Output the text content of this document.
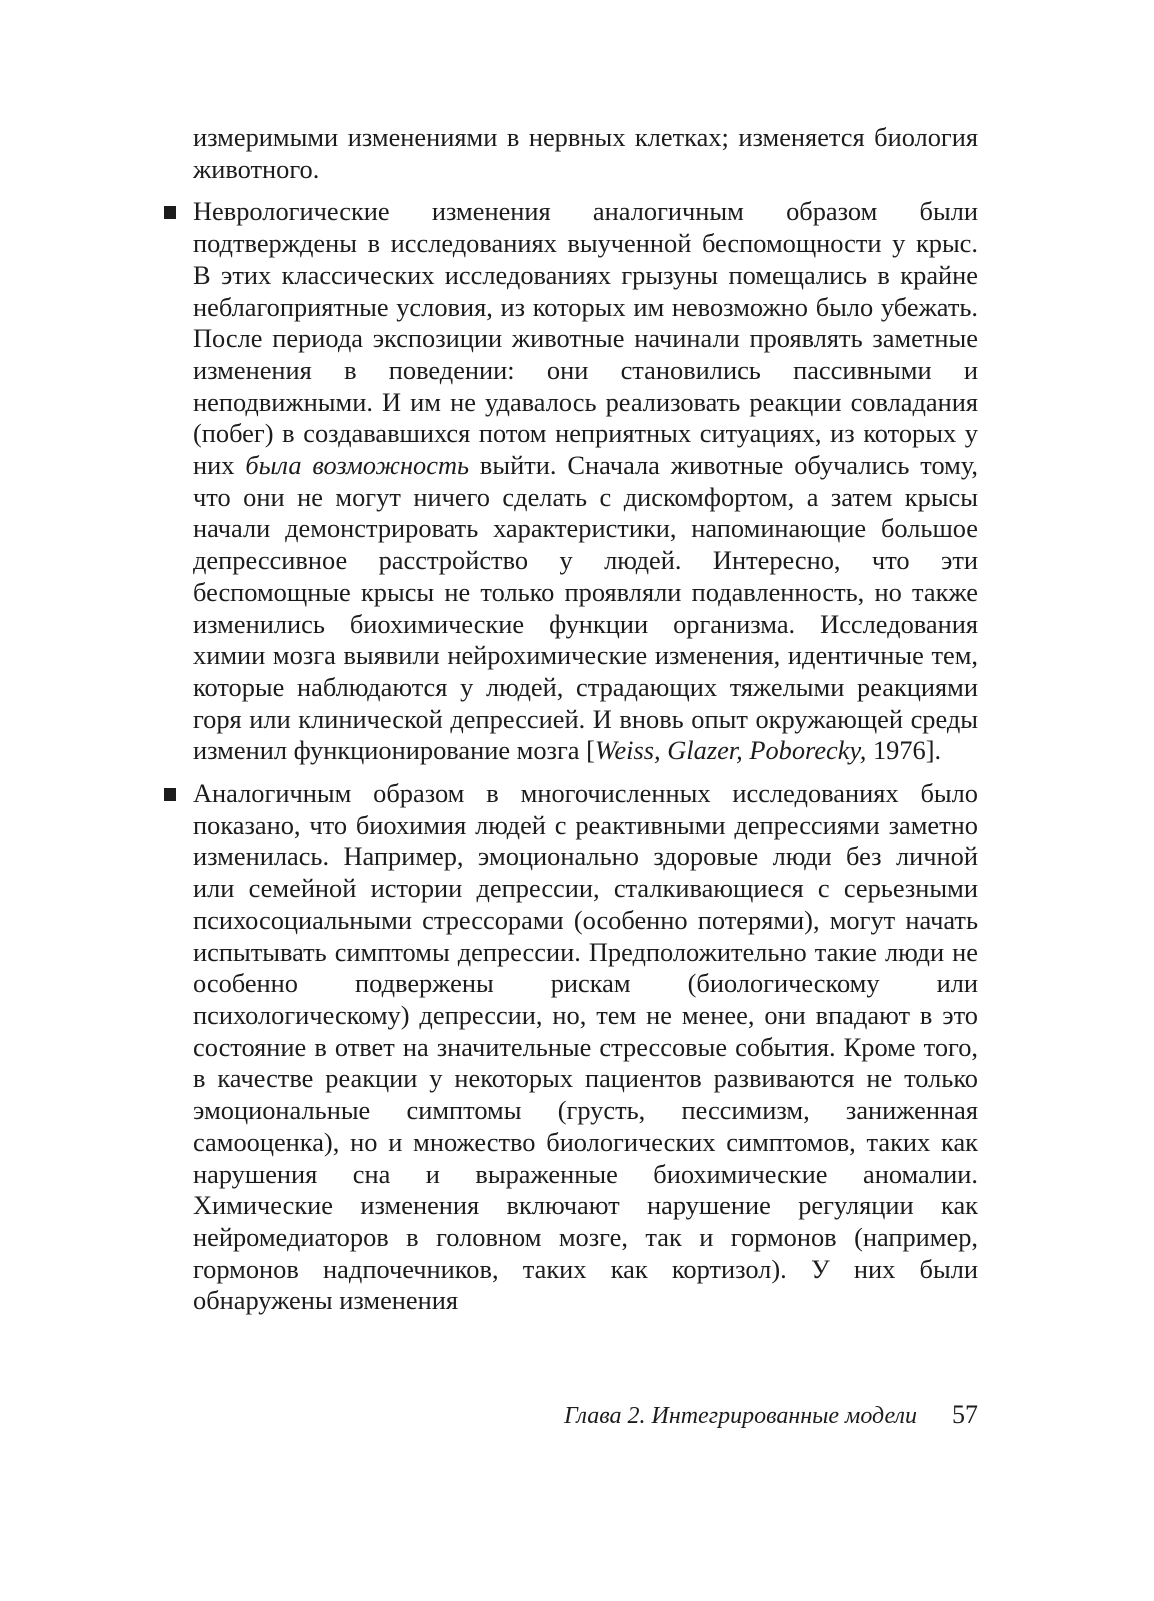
измеримыми изменениями в нервных клетках; изменяется биология животного.

Неврологические изменения аналогичным образом были подтверждены в исследованиях выученной беспомощности у крыс. В этих классических исследованиях грызуны помещались в крайне неблагоприятные условия, из которых им невозможно было убежать. После периода экспозиции животные начинали проявлять заметные изменения в поведении: они становились пассивными и неподвижными. И им не удавалось реализовать реакции совладания (побег) в создававшихся потом неприятных ситуациях, из которых у них была возможность выйти. Сначала животные обучались тому, что они не могут ничего сделать с дискомфортом, а затем крысы начали демонстрировать характеристики, напоминающие большое депрессивное расстройство у людей. Интересно, что эти беспомощные крысы не только проявляли подавленность, но также изменились биохимические функции организма. Исследования химии мозга выявили нейрохимические изменения, идентичные тем, которые наблюдаются у людей, страдающих тяжелыми реакциями горя или клинической депрессией. И вновь опыт окружающей среды изменил функционирование мозга [Weiss, Glazer, Poborecky, 1976].

Аналогичным образом в многочисленных исследованиях было показано, что биохимия людей с реактивными депрессиями заметно изменилась. Например, эмоционально здоровые люди без личной или семейной истории депрессии, сталкивающиеся с серьезными психосоциальными стрессорами (особенно потерями), могут начать испытывать симптомы депрессии. Предположительно такие люди не особенно подвержены рискам (биологическому или психологическому) депрессии, но, тем не менее, они впадают в это состояние в ответ на значительные стрессовые события. Кроме того, в качестве реакции у некоторых пациентов развиваются не только эмоциональные симптомы (грусть, пессимизм, заниженная самооценка), но и множество биологических симптомов, таких как нарушения сна и выраженные биохимические аномалии. Химические изменения включают нарушение регуляции как нейромедиаторов в головном мозге, так и гормонов (например, гормонов надпочечников, таких как кортизол). У них были обнаружены изменения

Глава 2. Интегрированные модели 57
